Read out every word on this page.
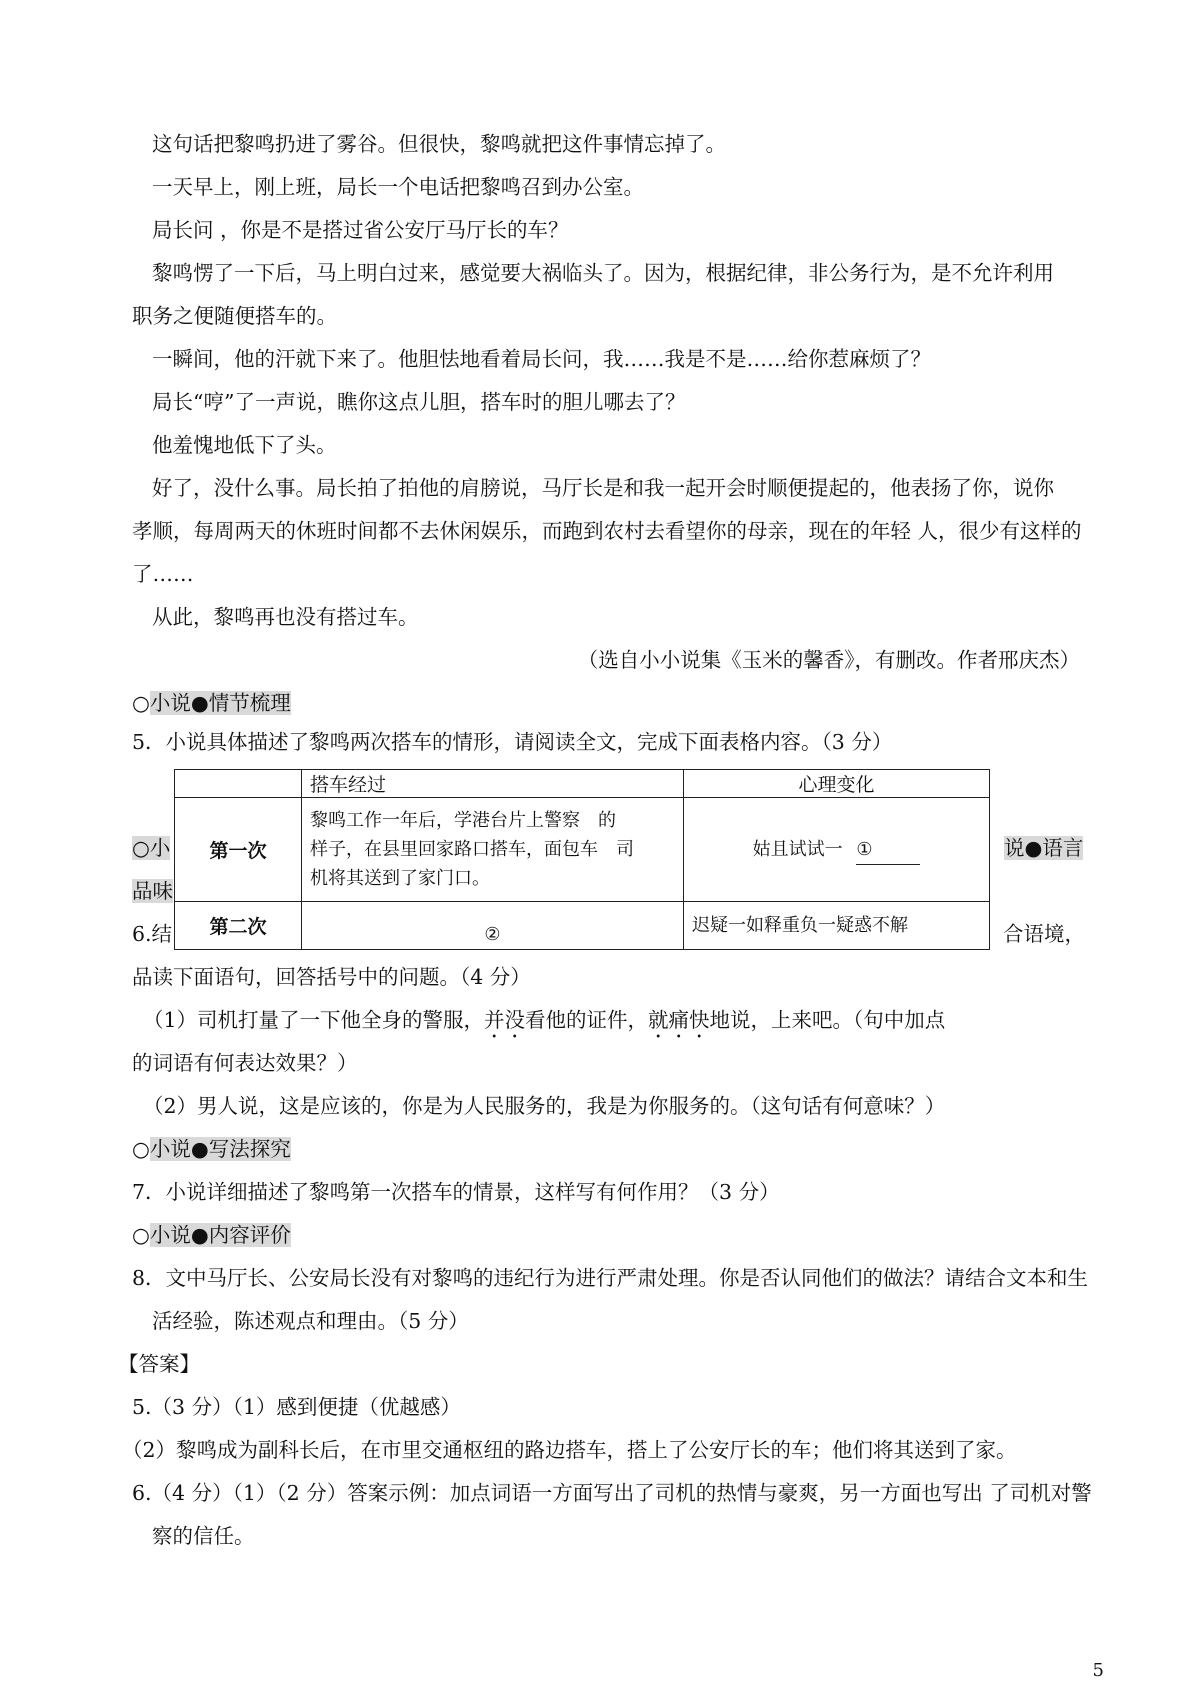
这句话把黎鸣扔进了雾谷。但很快，黎鸣就把这件事情忘掉了。
一天早上，刚上班，局长一个电话把黎鸣召到办公室。
局长问 ，你是不是搭过省公安厅马厅长的车？
黎鸣愣了一下后，马上明白过来，感觉要大祸临头了。因为，根据纪律，非公务行为，是不允许利用
职务之便随便搭车的。
一瞬间，他的汗就下来了。他胆怯地看着局长问，我……我是不是……给你惹麻烦了？
局长“哼”了一声说，瞧你这点儿胆，搭车时的胆儿哪去了？
他羞愧地低下了头。
好了，没什么事。局长拍了拍他的肩膀说，马厅长是和我一起开会时顺便提起的，他表扬了你，说你
孝顺，每周两天的休班时间都不去休闲娱乐，而跑到农村去看望你的母亲，现在的年轻 人，很少有这样的
了……
从此，黎鸣再也没有搭过车。
（选自小小说集《玉米的馨香》，有删改。作者邢庆杰）
○小说●情节梳理
5．小说具体描述了黎鸣两次搭车的情形，请阅读全文，完成下面表格内容。（3 分）
	搭车经过	心理变化
第一次	黎鸣工作一年后，学港台片上警察　的
样子，在县里回家路口搭车，面包车　司
机将其送到了家门口。	姑且试试一 ①
第二次	②	迟疑一如释重负一疑惑不解
○小	说●语言
品味
6.结	合语境，
品读下面语句，回答括号中的问题。（4 分）
（1）司机打量了一下他全身的警服，并没看他的证件，就痛快地说，上来吧。（句中加点
的词语有何表达效果？）
（2）男人说，这是应该的，你是为人民服务的，我是为你服务的。（这句话有何意味？）
○小说●写法探究
7．小说详细描述了黎鸣第一次搭车的情景，这样写有何作用？（3 分）
○小说●内容评价
8．文中马厅长、公安局长没有对黎鸣的违纪行为进行严肃处理。你是否认同他们的做法？请结合文本和生
活经验，陈述观点和理由。（5 分）
【答案】
5.（3 分）（1）感到便捷（优越感）
（2）黎鸣成为副科长后，在市里交通枢纽的路边搭车，搭上了公安厅长的车；他们将其送到了家。
6.（4 分）（1）（2 分）答案示例：加点词语一方面写出了司机的热情与豪爽，另一方面也写出 了司机对警
察的信任。
5
